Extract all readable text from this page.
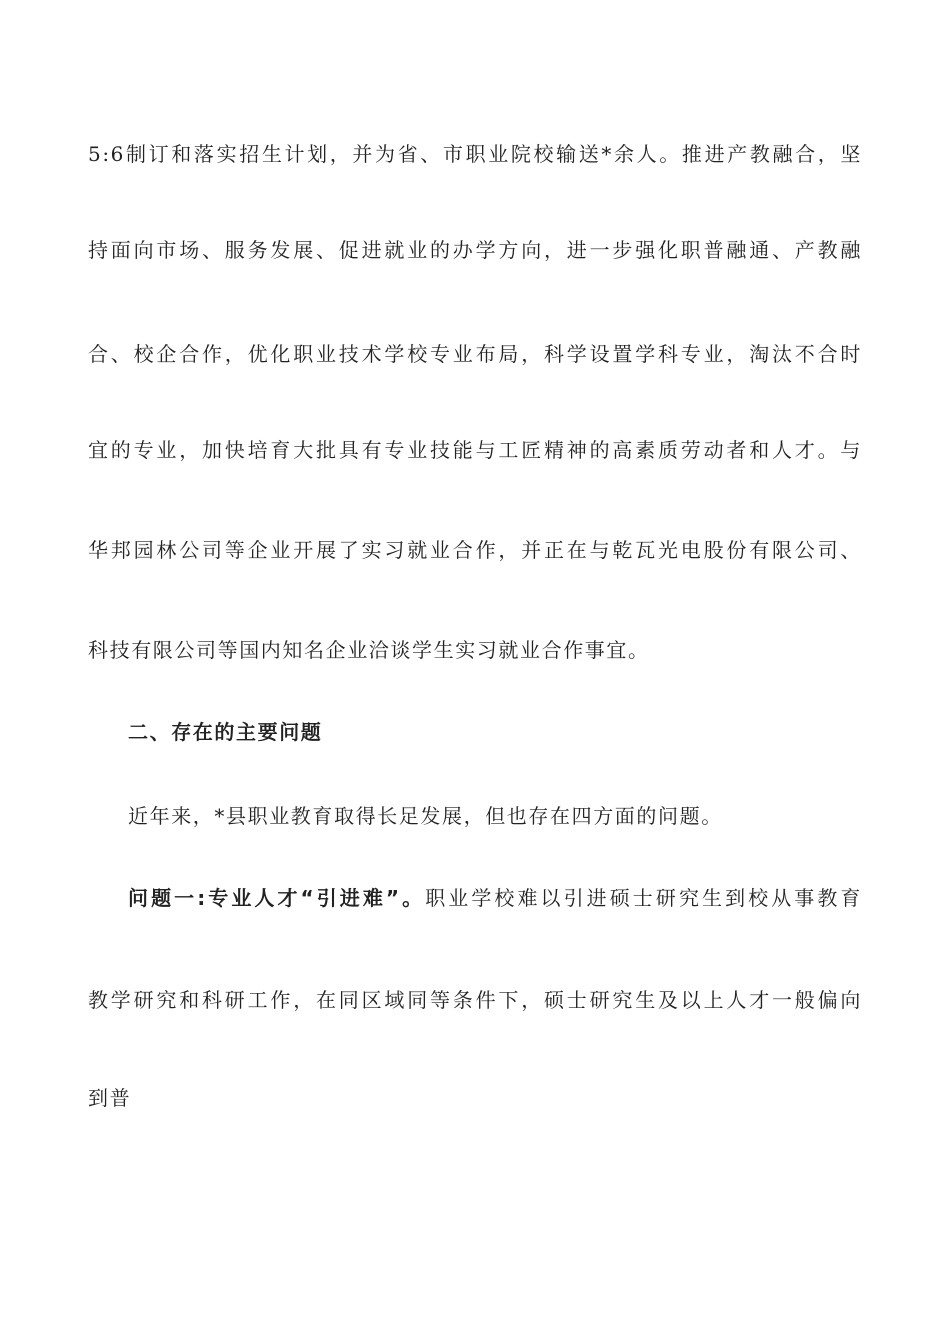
5:6制订和落实招生计划，并为省、市职业院校输送*余人。推进产教融合，坚
持面向市场、服务发展、促进就业的办学方向，进一步强化职普融通、产教融
合、校企合作，优化职业技术学校专业布局，科学设置学科专业，淘汰不合时
宜的专业，加快培育大批具有专业技能与工匠精神的高素质劳动者和人才。与
华邦园林公司等企业开展了实习就业合作，并正在与乾瓦光电股份有限公司、
科技有限公司等国内知名企业洽谈学生实习就业合作事宜。
二、存在的主要问题
近年来，*县职业教育取得长足发展，但也存在四方面的问题。
问题一:专业人才“引进难”。职业学校难以引进硕士研究生到校从事教育
教学研究和科研工作，在同区域同等条件下，硕士研究生及以上人才一般偏向
到普
